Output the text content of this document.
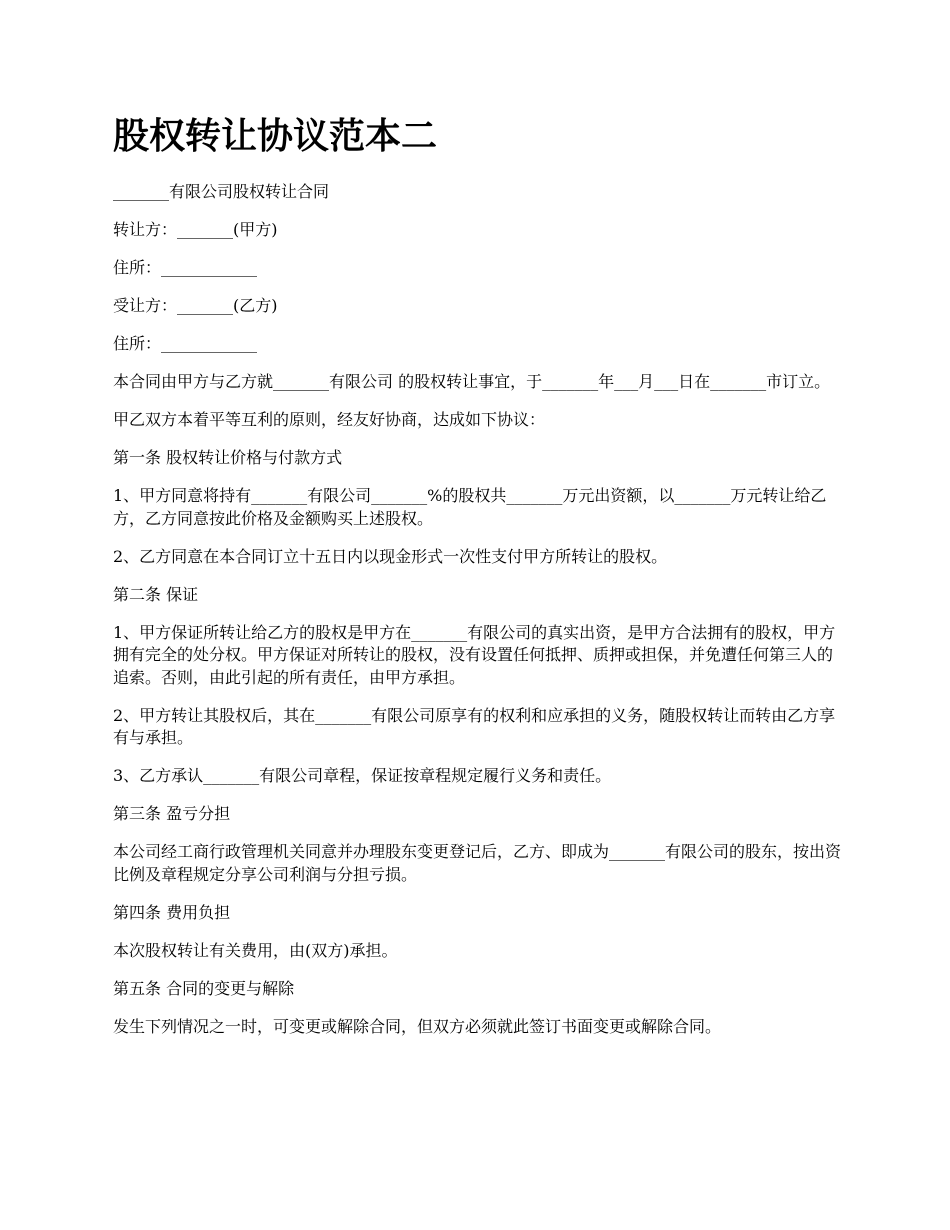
股权转让协议范本二

_______有限公司股权转让合同

转让方：_______(甲方)

住所：____________

受让方：_______(乙方)

住所：____________

本合同由甲方与乙方就_______有限公司 的股权转让事宜，于_______年___月___日在_______市订立。

甲乙双方本着平等互利的原则，经友好协商，达成如下协议：

第一条 股权转让价格与付款方式

1、甲方同意将持有_______有限公司_______%的股权共_______万元出资额，以_______万元转让给乙方，乙方同意按此价格及金额购买上述股权。

2、乙方同意在本合同订立十五日内以现金形式一次性支付甲方所转让的股权。

第二条 保证

1、甲方保证所转让给乙方的股权是甲方在_______有限公司的真实出资，是甲方合法拥有的股权，甲方拥有完全的处分权。甲方保证对所转让的股权，没有设置任何抵押、质押或担保，并免遭任何第三人的追索。否则，由此引起的所有责任，由甲方承担。

2、甲方转让其股权后，其在_______有限公司原享有的权利和应承担的义务，随股权转让而转由乙方享有与承担。

3、乙方承认_______有限公司章程，保证按章程规定履行义务和责任。

第三条 盈亏分担

本公司经工商行政管理机关同意并办理股东变更登记后，乙方、即成为_______有限公司的股东，按出资比例及章程规定分享公司利润与分担亏损。

第四条 费用负担

本次股权转让有关费用，由(双方)承担。

第五条 合同的变更与解除

发生下列情况之一时，可变更或解除合同，但双方必须就此签订书面变更或解除合同。
